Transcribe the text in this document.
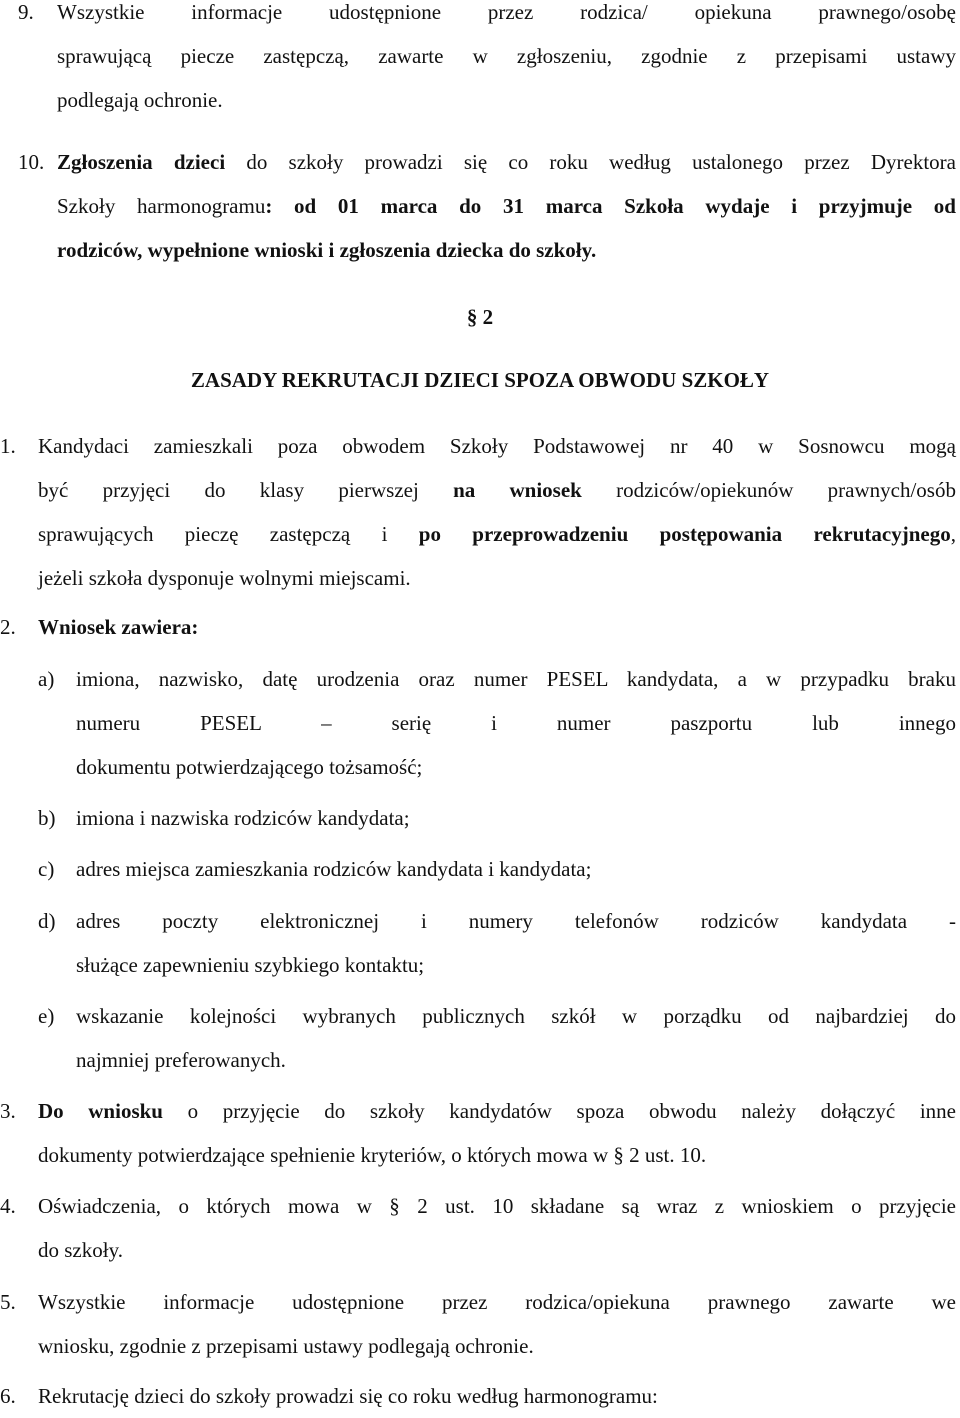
9. Wszystkie informacje udostępnione przez rodzica/ opiekuna prawnego/osobę
sprawującą piecze zastępczą, zawarte w zgłoszeniu, zgodnie z przepisami ustawy
podlegają ochronie.
10. Zgłoszenia dzieci do szkoły prowadzi się co roku według ustalonego przez Dyrektora
Szkoły harmonogramu: od 01 marca do 31 marca Szkoła wydaje i przyjmuje od
rodziców, wypełnione wnioski i zgłoszenia dziecka do szkoły.
§ 2
ZASADY REKRUTACJI DZIECI SPOZA OBWODU SZKOŁY
1. Kandydaci zamieszkali poza obwodem Szkoły Podstawowej nr 40 w Sosnowcu mogą
być przyjęci do klasy pierwszej na wniosek rodziców/opiekunów prawnych/osób
sprawujących pieczę zastępczą i po przeprowadzeniu postępowania rekrutacyjnego,
jeżeli szkoła dysponuje wolnymi miejscami.
2. Wniosek zawiera:
a) imiona, nazwisko, datę urodzenia oraz numer PESEL kandydata, a w przypadku braku
numeru PESEL – serię i numer paszportu lub innego
dokumentu potwierdzającego tożsamość;
b) imiona i nazwiska rodziców kandydata;
c) adres miejsca zamieszkania rodziców kandydata i kandydata;
d) adres poczty elektronicznej i numery telefonów rodziców kandydata -
służące zapewnieniu szybkiego kontaktu;
e) wskazanie kolejności wybranych publicznych szkół w porządku od najbardziej do
najmniej preferowanych.
3. Do wniosku o przyjęcie do szkoły kandydatów spoza obwodu należy dołączyć inne
dokumenty potwierdzające spełnienie kryteriów, o których mowa w § 2 ust. 10.
4. Oświadczenia, o których mowa w § 2 ust. 10 składane są wraz z wnioskiem o przyjęcie
do szkoły.
5. Wszystkie informacje udostępnione przez rodzica/opiekuna prawnego zawarte we
wniosku, zgodnie z przepisami ustawy podlegają ochronie.
6. Rekrutację dzieci do szkoły prowadzi się co roku według harmonogramu:
